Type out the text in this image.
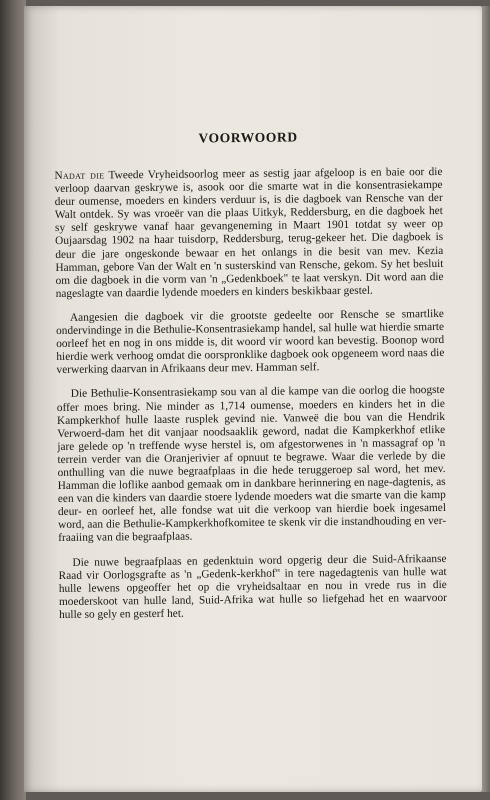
VOORWOORD

Nadat die Tweede Vryheidsoorlog meer as sestig jaar afgeloop is en baie oor die verloop daarvan geskrywe is, asook oor die smarte wat in die konsentrasiekampe deur oumense, moeders en kinders verduur is, is die dagboek van Rensche van der Walt ontdek. Sy was vroeër van die plaas Uitkyk, Reddersburg, en die dagboek het sy self geskrywe vanaf haar gevangeneming in Maart 1901 totdat sy weer op Oujaarsdag 1902 na haar tuisdorp, Reddersburg, terug-gekeer het. Die dagboek is deur die jare ongeskonde bewaar en het onlangs in die besit van mev. Kezia Hamman, gebore Van der Walt en 'n susterskind van Rensche, gekom. Sy het besluit om die dagboek in die vorm van 'n „Gedenkboek" te laat verskyn. Dit word aan die nageslagte van daardie lydende moeders en kinders beskikbaar gestel.

Aangesien die dagboek vir die grootste gedeelte oor Rensche se smartlike ondervindinge in die Bethulie-Konsentrasiekamp handel, sal hulle wat hierdie smarte oorleef het en nog in ons midde is, dit woord vir woord kan bevestig. Boonop word hierdie werk verhoog omdat die oorspronklike dagboek ook opgeneem word naas die verwerking daarvan in Afrikaans deur mev. Hamman self.

Die Bethulie-Konsentrasiekamp sou van al die kampe van die oorlog die hoogste offer moes bring. Nie minder as 1,714 oumense, moeders en kinders het in die Kampkerkhof hulle laaste rusplek gevind nie. Vanweë die bou van die Hendrik Verwoerd-dam het dit vanjaar noodsaaklik geword, nadat die Kampkerkhof etlike jare gelede op 'n treffende wyse herstel is, om afgestorwenes in 'n massagraf op 'n terrein verder van die Oranjerivier af opnuut te begrawe. Waar die verlede by die onthulling van die nuwe begraafplaas in die hede teruggeroep sal word, het mev. Hamman die loflike aanbod gemaak om in dankbare herinnering en nage-dagtenis, as een van die kinders van daardie stoere lydende moeders wat die smarte van die kamp deur- en oorleef het, alle fondse wat uit die verkoop van hierdie boek ingesamel word, aan die Bethulie-Kampkerkhofkomitee te skenk vir die instandhouding en ver-fraaiing van die begraafplaas.

Die nuwe begraafplaas en gedenktuin word opgerig deur die Suid-Afrikaanse Raad vir Oorlogsgrafte as 'n „Gedenk-kerkhof" in tere nagedagtenis van hulle wat hulle lewens opgeoffer het op die vryheidsaltaar en nou in vrede rus in die moederskoot van hulle land, Suid-Afrika wat hulle so liefgehad het en waarvoor hulle so gely en gesterf het.
